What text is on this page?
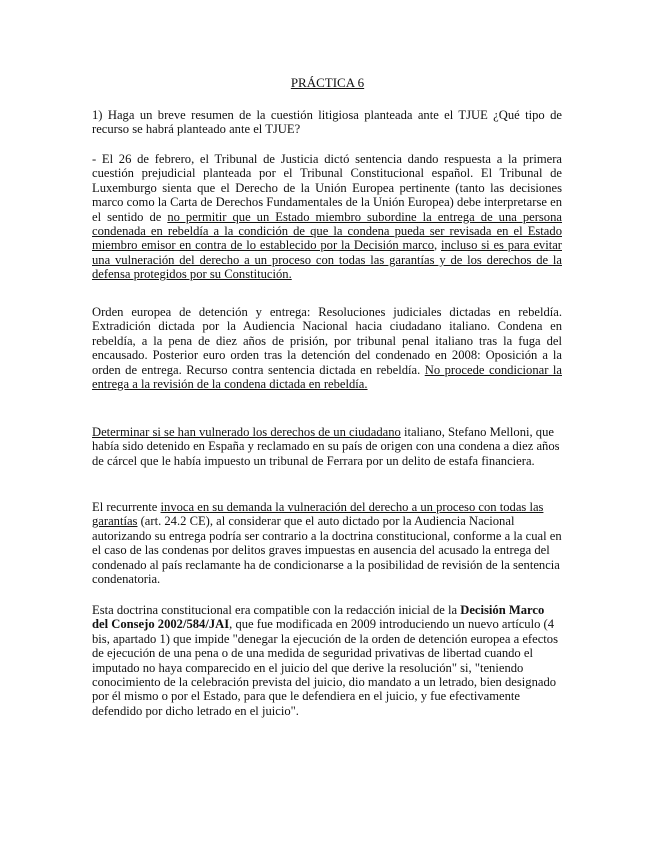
PRÁCTICA 6
1) Haga un breve resumen de la cuestión litigiosa planteada ante el TJUE ¿Qué tipo de recurso se habrá planteado ante el TJUE?
- El 26 de febrero, el Tribunal de Justicia dictó sentencia dando respuesta a la primera cuestión prejudicial planteada por el Tribunal Constitucional español. El Tribunal de Luxemburgo sienta que el Derecho de la Unión Europea pertinente (tanto las decisiones marco como la Carta de Derechos Fundamentales de la Unión Europea) debe interpretarse en el sentido de no permitir que un Estado miembro subordine la entrega de una persona condenada en rebeldía a la condición de que la condena pueda ser revisada en el Estado miembro emisor en contra de lo establecido por la Decisión marco, incluso si es para evitar una vulneración del derecho a un proceso con todas las garantías y de los derechos de la defensa protegidos por su Constitución.
Orden europea de detención y entrega: Resoluciones judiciales dictadas en rebeldía. Extradición dictada por la Audiencia Nacional hacia ciudadano italiano. Condena en rebeldía, a la pena de diez años de prisión, por tribunal penal italiano tras la fuga del encausado. Posterior euro orden tras la detención del condenado en 2008: Oposición a la orden de entrega. Recurso contra sentencia dictada en rebeldía. No procede condicionar la entrega a la revisión de la condena dictada en rebeldía.
Determinar si se han vulnerado los derechos de un ciudadano italiano, Stefano Melloni, que había sido detenido en España y reclamado en su país de origen con una condena a diez años de cárcel que le había impuesto un tribunal de Ferrara por un delito de estafa financiera.
El recurrente invoca en su demanda la vulneración del derecho a un proceso con todas las garantías (art. 24.2 CE), al considerar que el auto dictado por la Audiencia Nacional autorizando su entrega podría ser contrario a la doctrina constitucional, conforme a la cual en el caso de las condenas por delitos graves impuestas en ausencia del acusado la entrega del condenado al país reclamante ha de condicionarse a la posibilidad de revisión de la sentencia condenatoria.
Esta doctrina constitucional era compatible con la redacción inicial de la Decisión Marco del Consejo 2002/584/JAI, que fue modificada en 2009 introduciendo un nuevo artículo (4 bis, apartado 1) que impide "denegar la ejecución de la orden de detención europea a efectos de ejecución de una pena o de una medida de seguridad privativas de libertad cuando el imputado no haya comparecido en el juicio del que derive la resolución" si, "teniendo conocimiento de la celebración prevista del juicio, dio mandato a un letrado, bien designado por él mismo o por el Estado, para que le defendiera en el juicio, y fue efectivamente defendido por dicho letrado en el juicio".
